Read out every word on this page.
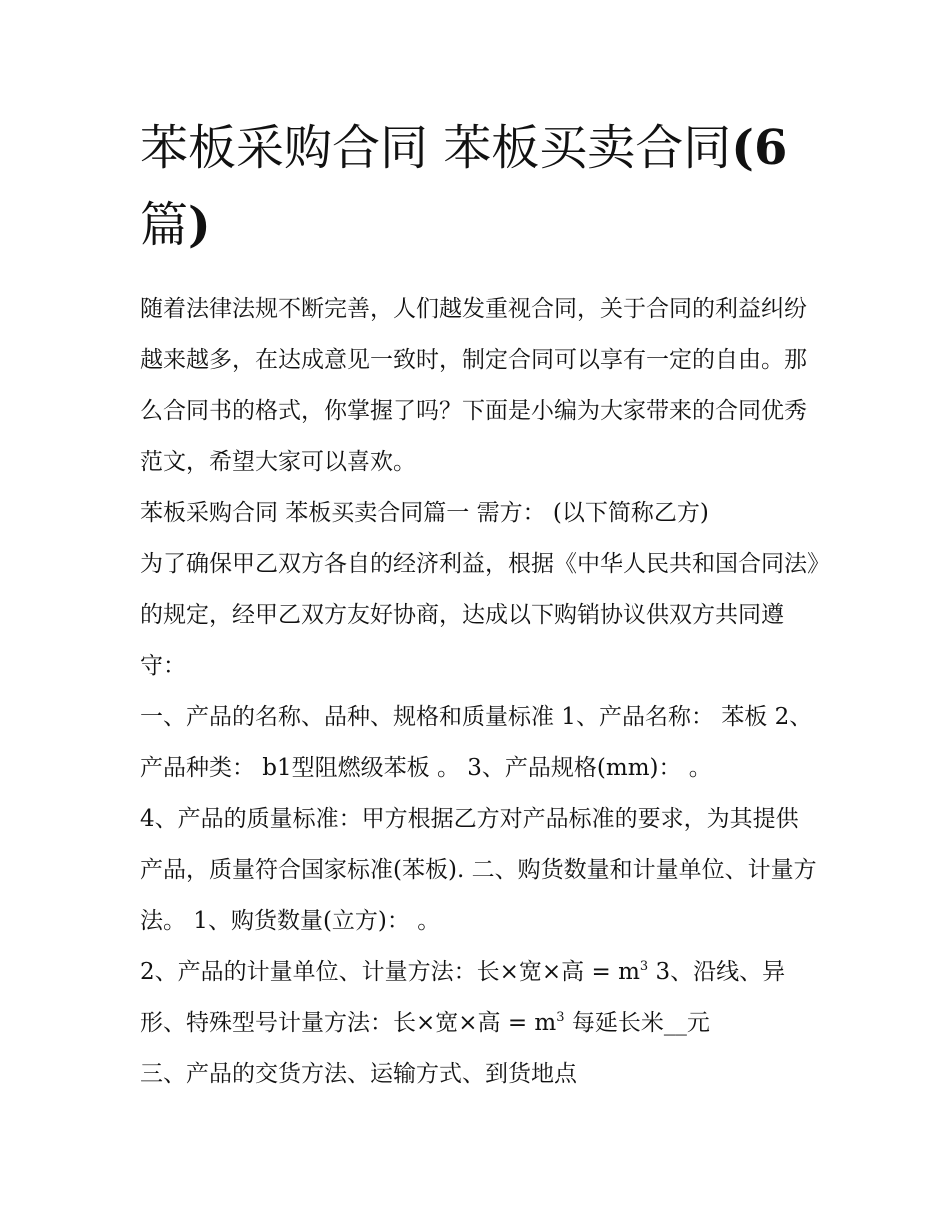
苯板采购合同 苯板买卖合同(6
篇)

随着法律法规不断完善，人们越发重视合同，关于合同的利益纠纷越来越多，在达成意见一致时，制定合同可以享有一定的自由。那么合同书的格式，你掌握了吗？下面是小编为大家带来的合同优秀范文，希望大家可以喜欢。

苯板采购合同 苯板买卖合同篇一 需方： (以下简称乙方)

为了确保甲乙双方各自的经济利益，根据《中华人民共和国合同法》的规定，经甲乙双方友好协商，达成以下购销协议供双方共同遵守：

一、产品的名称、品种、规格和质量标准 1、产品名称： 苯板 2、产品种类： b1型阻燃级苯板 。 3、产品规格(mm)： 。

4、产品的质量标准：甲方根据乙方对产品标准的要求，为其提供产品，质量符合国家标准(苯板). 二、购货数量和计量单位、计量方法。 1、购货数量(立方)： 。

2、产品的计量单位、计量方法：长×宽×高 = $m^3$ 3、沿线、异形、特殊型号计量方法：长×宽×高 = $m^3$ 每延长米__元

三、产品的交货方法、运输方式、到货地点
